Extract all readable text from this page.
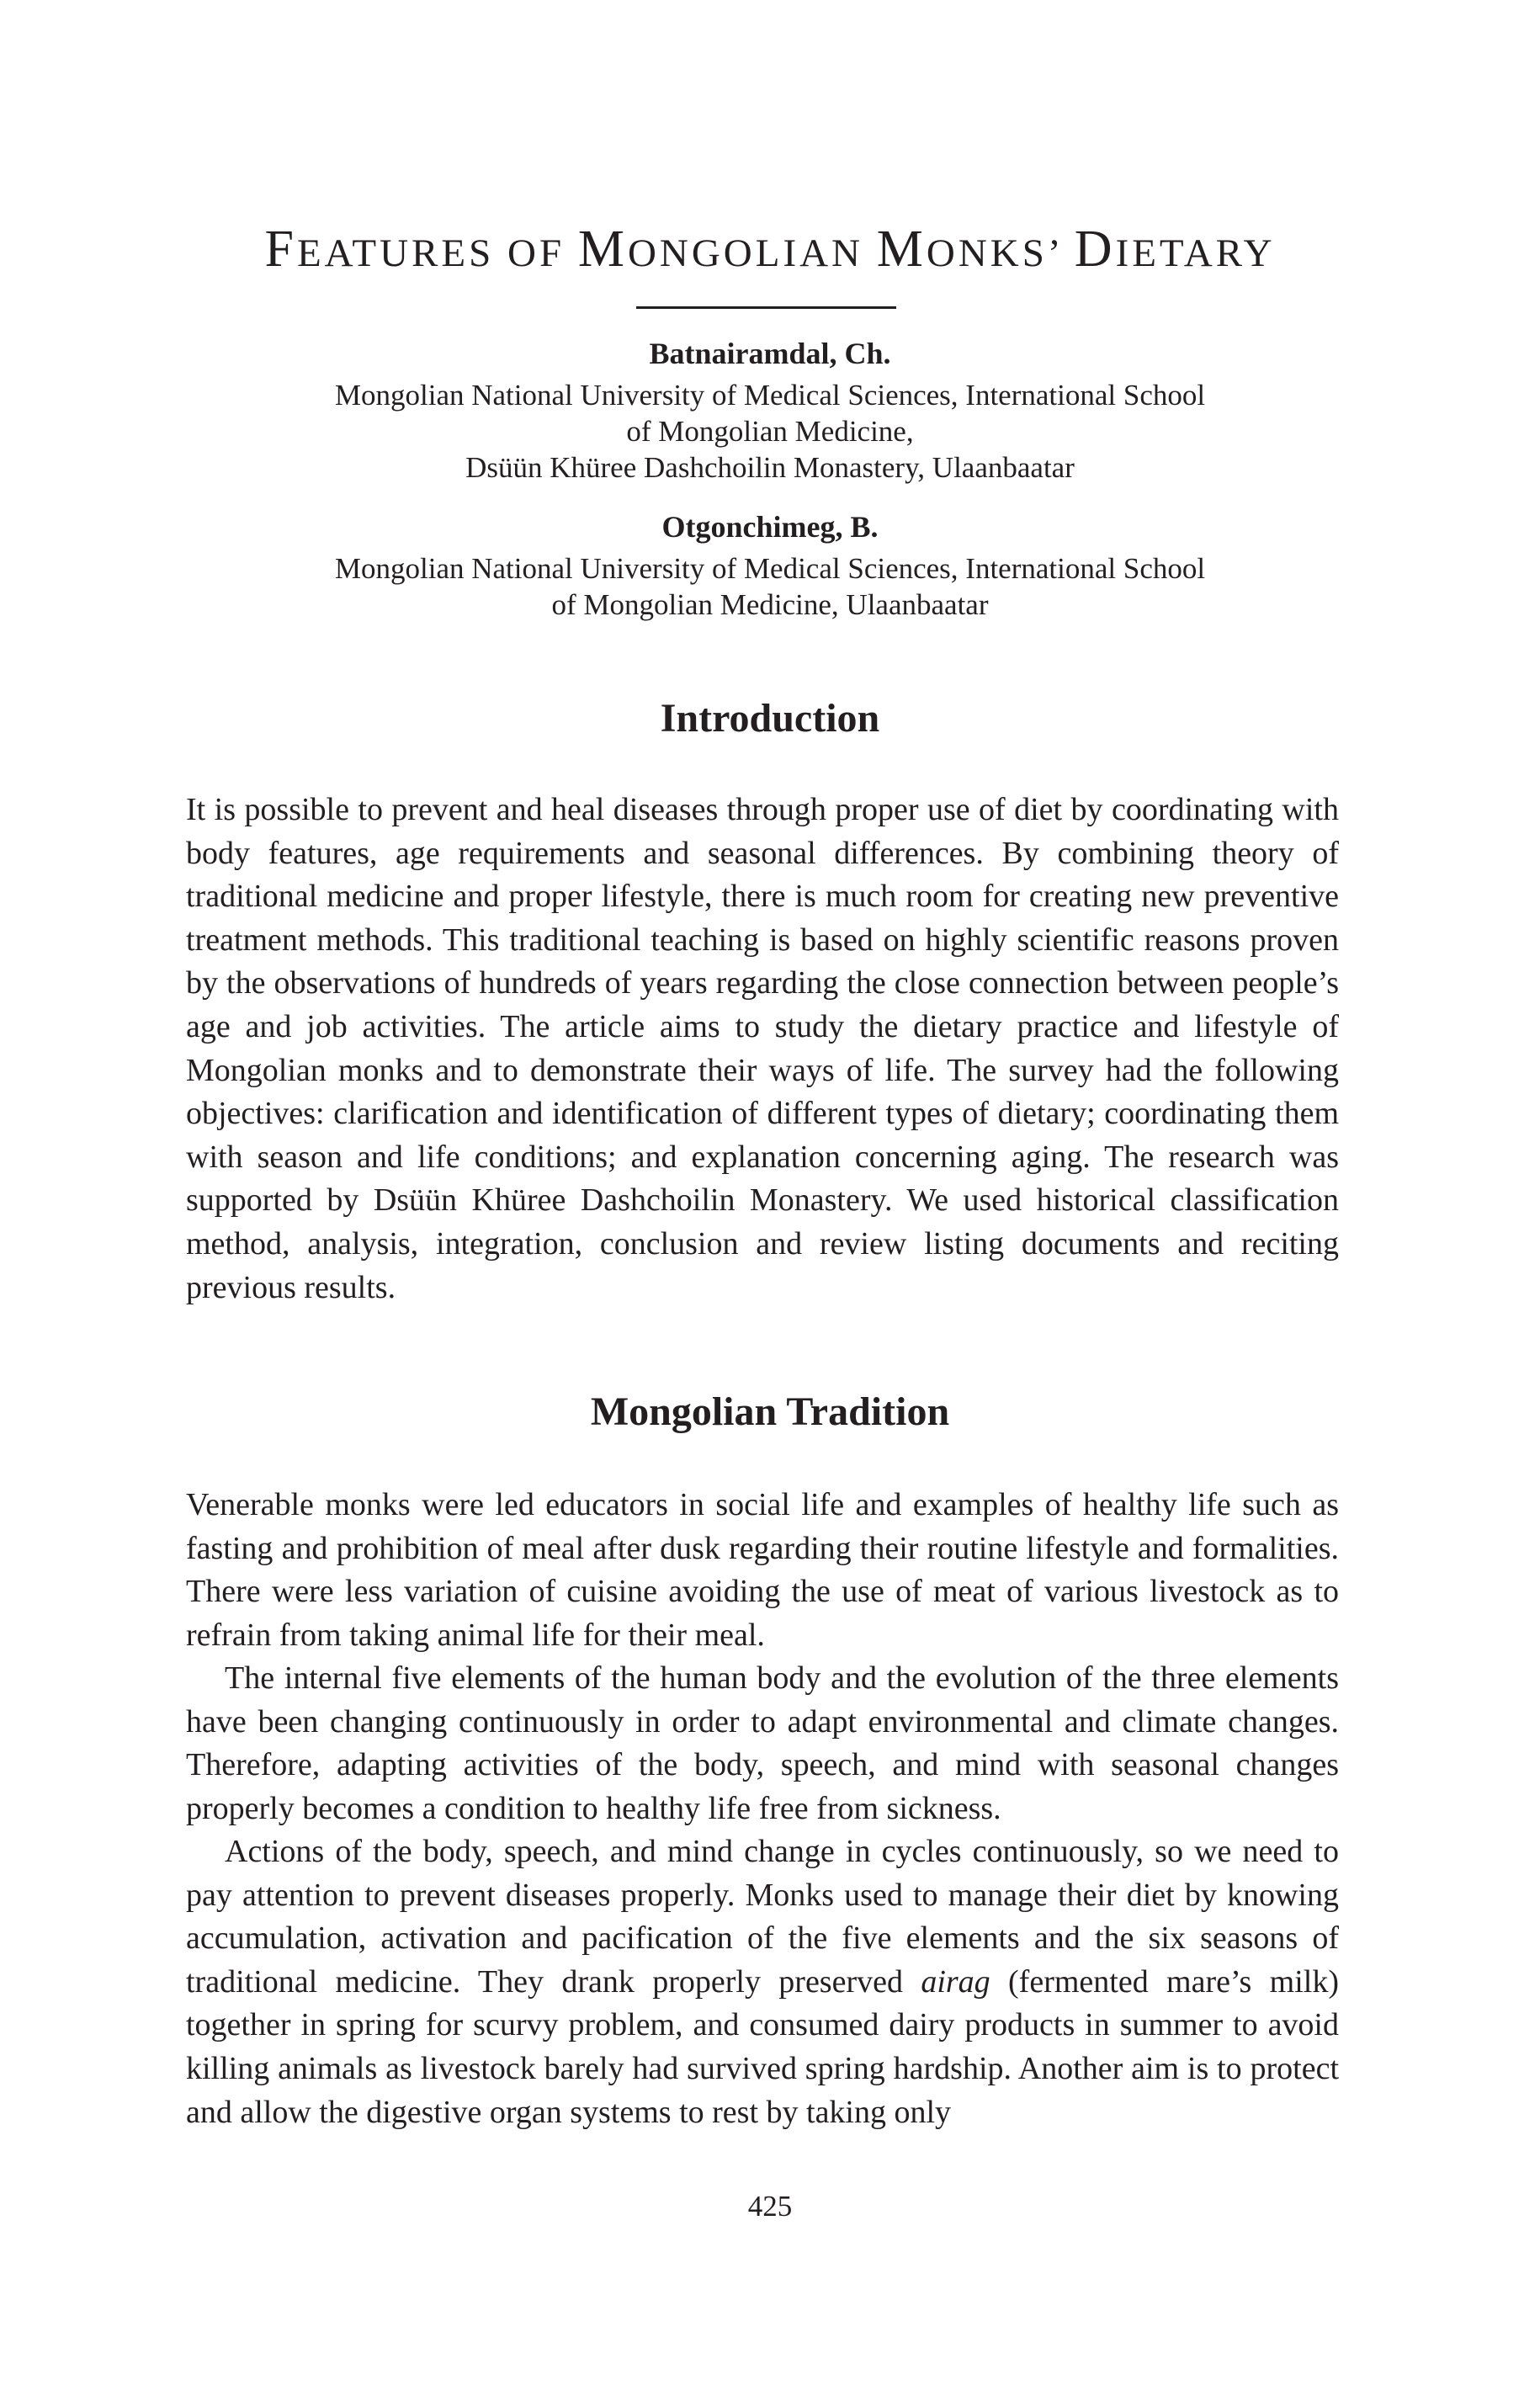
FEATURES OF MONGOLIAN MONKS’ DIETARY

Batnairamdal, Ch.

Mongolian National University of Medical Sciences, International School
of Mongolian Medicine,
Dsüün Khüree Dashchoilin Monastery, Ulaanbaatar

Otgonchimeg, B.

Mongolian National University of Medical Sciences, International School
of Mongolian Medicine, Ulaanbaatar

Introduction

It is possible to prevent and heal diseases through proper use of diet by coordinating with body features, age requirements and seasonal differences. By combining theory of traditional medicine and proper lifestyle, there is much room for creating new preventive treatment methods. This traditional teaching is based on highly scientific reasons proven by the observations of hundreds of years regarding the close connection between people’s age and job activities. The article aims to study the dietary practice and lifestyle of Mongolian monks and to demonstrate their ways of life. The survey had the following objectives: clarification and identification of different types of dietary; coordinating them with season and life conditions; and explanation concerning aging. The research was supported by Dsüün Khüree Dashchoilin Monastery. We used historical classification method, analysis, integration, conclusion and review listing documents and reciting previous results.

Mongolian Tradition

Venerable monks were led educators in social life and examples of healthy life such as fasting and prohibition of meal after dusk regarding their routine lifestyle and formalities. There were less variation of cuisine avoiding the use of meat of various livestock as to refrain from taking animal life for their meal.

The internal five elements of the human body and the evolution of the three elements have been changing continuously in order to adapt environmental and climate changes. Therefore, adapting activities of the body, speech, and mind with seasonal changes properly becomes a condition to healthy life free from sickness.

Actions of the body, speech, and mind change in cycles continuously, so we need to pay attention to prevent diseases properly. Monks used to manage their diet by knowing accumulation, activation and pacification of the five elements and the six seasons of traditional medicine. They drank properly preserved airag (fermented mare’s milk) together in spring for scurvy problem, and consumed dairy products in summer to avoid killing animals as livestock barely had survived spring hardship. Another aim is to protect and allow the digestive organ systems to rest by taking only

425
